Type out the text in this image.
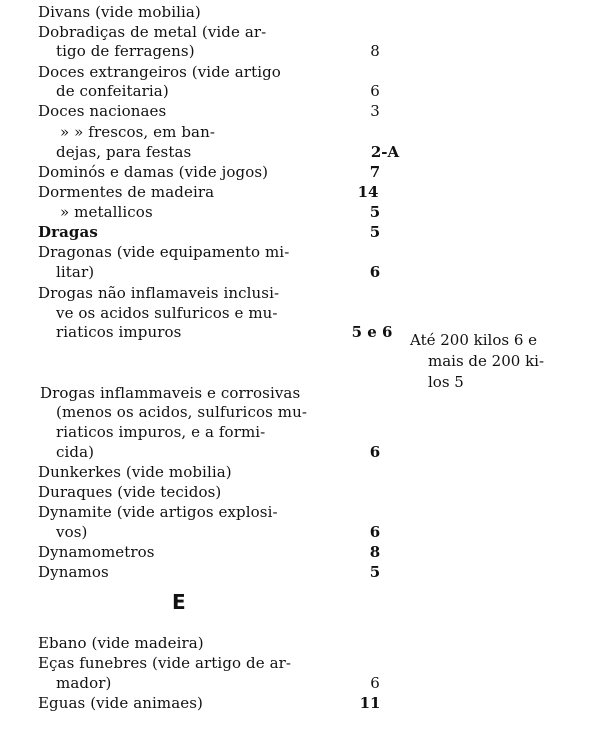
Divans (vide mobilia)
Dobradiças de metal (vide ar-
tigo de ferragens)	8
Doces extrangeiros (vide artigo
de confeitaria)	6
Doces nacionaes	3
» » frescos, em ban-
dejas, para festas	2-A
Dominós e damas (vide jogos)	7
Dormentes de madeira	14
» metallicos	5
Dragas	5
Dragonas (vide equipamento mi-
litar)	6
Drogas não inflamaveis inclusi-
ve os acidos sulfuricos e mu-
riaticos impuros	5 e 6	Até 200 kilos 6 e
mais de 200 ki-
los 5
Drogas inflammaveis e corrosivas
(menos os acidos, sulfuricos mu-
riaticos impuros, e a formi-
cida)	6
Dunkerkes (vide mobilia)
Duraques (vide tecidos)
Dynamite (vide artigos explosi-
vos)	6
Dynamometros	8
Dynamos	5
E
Ebano (vide madeira)
Eças funebres (vide artigo de ar-
mador)	6
Eguas (vide animaes)	11
